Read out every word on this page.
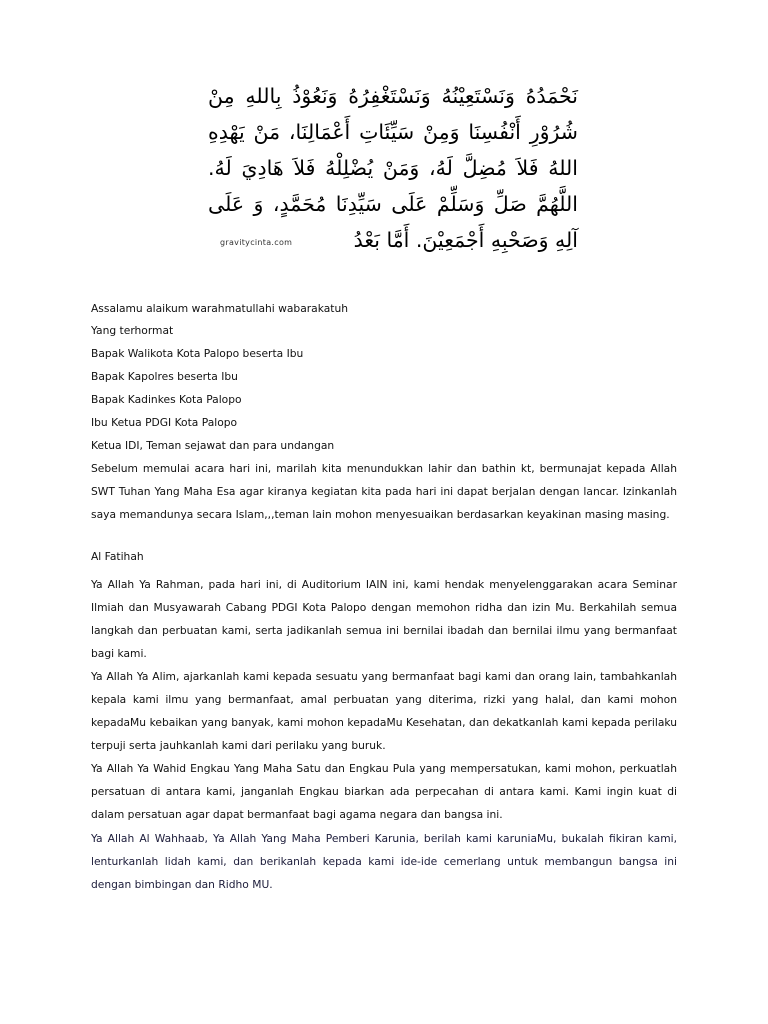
نَحْمَدُهُ وَنَسْتَعِيْنُهُ وَنَسْتَغْفِرُهُ وَنَعُوْذُ بِاللهِ مِنْ
شُرُوْرِ أَنْفُسِنَا وَمِنْ سَيِّئَاتِ أَعْمَالِنَا، مَنْ يَهْدِهِ
اللهُ فَلاَ مُضِلَّ لَهُ، وَمَنْ يُضْلِلْهُ فَلاَ هَادِيَ لَهُ.
اللَّهُمَّ صَلِّ وَسَلِّمْ عَلَى سَيِّدِنَا مُحَمَّدٍ، وَ عَلَى
آلِهِ وَصَحْبِهِ أَجْمَعِيْنَ. أَمَّا بَعْدُ
gravitycinta.com
Assalamu alaikum warahmatullahi wabarakatuh
Yang terhormat
Bapak Walikota Kota Palopo beserta Ibu
Bapak Kapolres beserta Ibu
Bapak Kadinkes Kota Palopo
Ibu Ketua PDGI Kota Palopo
Ketua IDI, Teman sejawat dan para undangan
Sebelum memulai acara hari ini, marilah kita menundukkan lahir dan bathin kt, bermunajat kepada Allah SWT Tuhan Yang Maha Esa agar kiranya kegiatan kita pada hari ini dapat berjalan dengan lancar. Izinkanlah saya memandunya secara Islam,,,teman lain mohon menyesuaikan berdasarkan keyakinan masing masing.
Al Fatihah
Ya Allah Ya Rahman, pada hari ini, di Auditorium IAIN ini, kami hendak menyelenggarakan acara Seminar Ilmiah dan Musyawarah Cabang PDGI Kota Palopo dengan memohon ridha dan izin Mu. Berkahilah semua langkah dan perbuatan kami, serta jadikanlah semua ini bernilai ibadah dan bernilai ilmu yang bermanfaat bagi kami.
Ya Allah Ya Alim, ajarkanlah kami kepada sesuatu yang bermanfaat bagi kami dan orang lain, tambahkanlah kepala kami ilmu yang bermanfaat, amal perbuatan yang diterima, rizki yang halal, dan kami mohon kepadaMu kebaikan yang banyak, kami mohon kepadaMu Kesehatan, dan dekatkanlah kami kepada perilaku terpuji serta jauhkanlah kami dari perilaku yang buruk.
Ya Allah Ya Wahid Engkau Yang Maha Satu dan Engkau Pula yang mempersatukan, kami mohon, perkuatlah persatuan di antara kami, janganlah Engkau biarkan ada perpecahan di antara kami. Kami ingin kuat di dalam persatuan agar dapat bermanfaat bagi agama negara dan bangsa ini.
Ya Allah Al Wahhaab, Ya Allah Yang Maha Pemberi Karunia, berilah kami karuniaMu, bukalah fikiran kami, lenturkanlah lidah kami, dan berikanlah kepada kami ide-ide cemerlang untuk membangun bangsa ini dengan bimbingan dan Ridho MU.
